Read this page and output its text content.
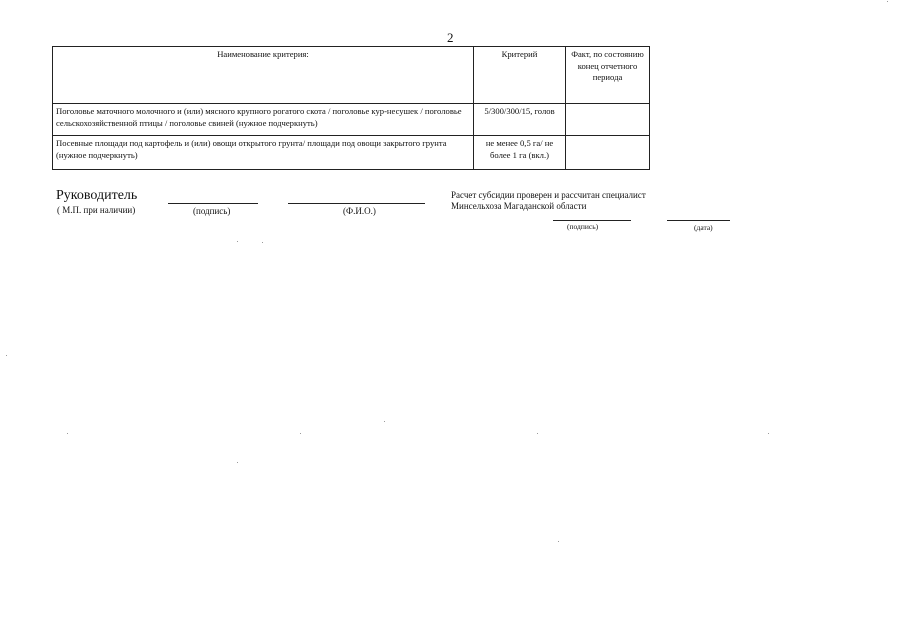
2
Наименование критерия:	Критерий	Факт, по состоянию конец отчетного периода

Поголовье маточного молочного и (или) мясного крупного рогатого скота / поголовье кур-несушек / поголовье сельскохозяйственной птицы / поголовье свиней (нужное подчеркнуть)	5/300/300/15, голов	

Посевные площади под картофель и (или) овощи открытого грунта/ площади под овощи закрытого грунта (нужное подчеркнуть)	не менее 0,5 га/ не более 1 га (вкл.)	

Руководитель
( М.П. при наличии)	(подпись)	(Ф.И.О.)
Расчет субсидии проверен и рассчитан специалист Минсельхоза Магаданской области
(подпись)	(дата)
